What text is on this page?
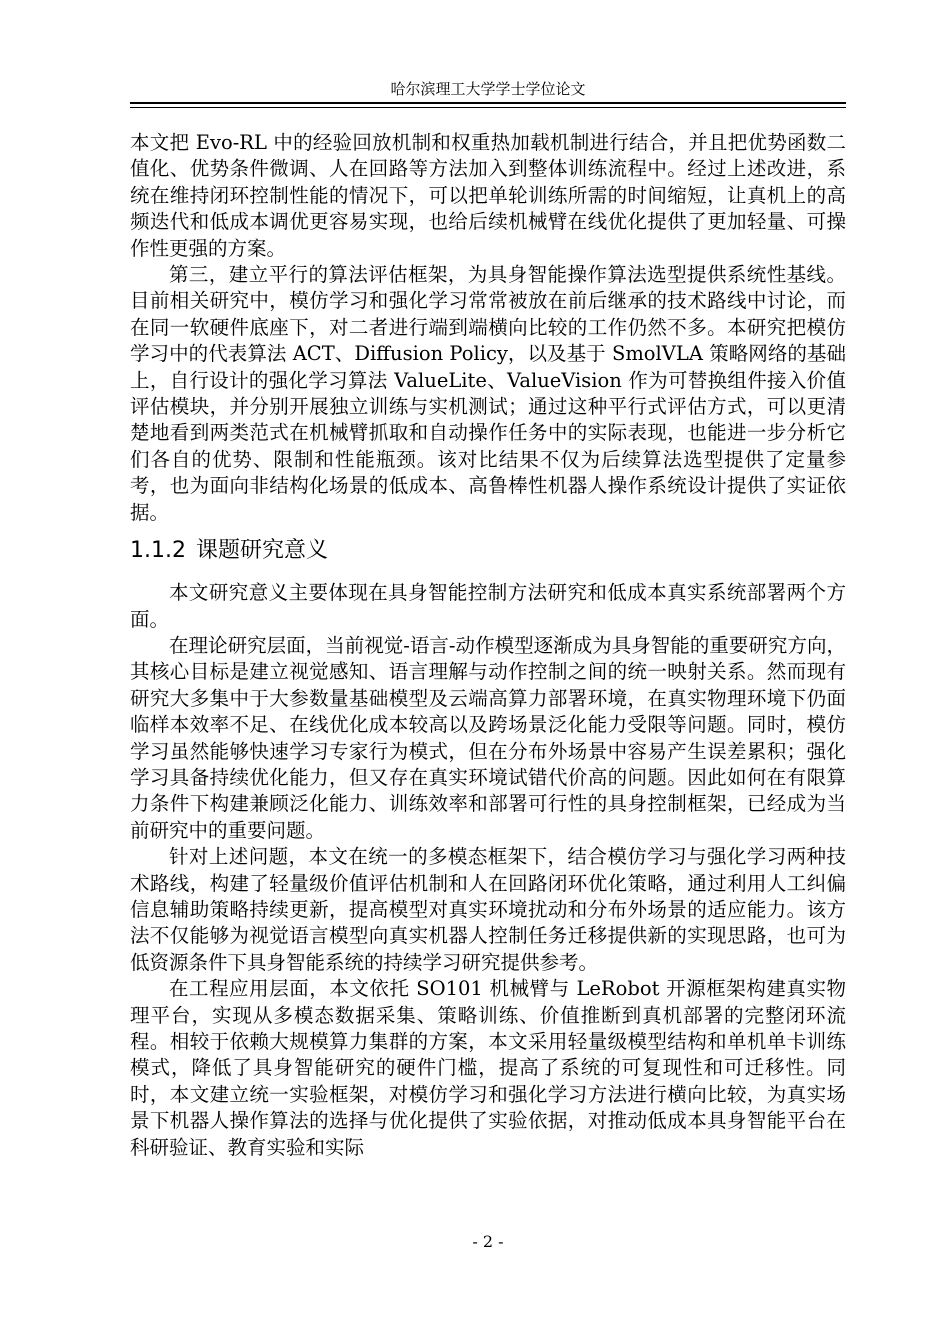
哈尔滨理工大学学士学位论文

本文把 Evo-RL 中的经验回放机制和权重热加载机制进行结合，并且把优势函数二值化、优势条件微调、人在回路等方法加入到整体训练流程中。经过上述改进，系统在维持闭环控制性能的情况下，可以把单轮训练所需的时间缩短，让真机上的高频迭代和低成本调优更容易实现，也给后续机械臂在线优化提供了更加轻量、可操作性更强的方案。

第三，建立平行的算法评估框架，为具身智能操作算法选型提供系统性基线。目前相关研究中，模仿学习和强化学习常常被放在前后继承的技术路线中讨论，而在同一软硬件底座下，对二者进行端到端横向比较的工作仍然不多。本研究把模仿学习中的代表算法 ACT、Diffusion Policy，以及基于 SmolVLA 策略网络的基础上，自行设计的强化学习算法 ValueLite、ValueVision 作为可替换组件接入价值评估模块，并分别开展独立训练与实机测试；通过这种平行式评估方式，可以更清楚地看到两类范式在机械臂抓取和自动操作任务中的实际表现，也能进一步分析它们各自的优势、限制和性能瓶颈。该对比结果不仅为后续算法选型提供了定量参考，也为面向非结构化场景的低成本、高鲁棒性机器人操作系统设计提供了实证依据。

1.1.2 课题研究意义

本文研究意义主要体现在具身智能控制方法研究和低成本真实系统部署两个方面。

在理论研究层面，当前视觉-语言-动作模型逐渐成为具身智能的重要研究方向，其核心目标是建立视觉感知、语言理解与动作控制之间的统一映射关系。然而现有研究大多集中于大参数量基础模型及云端高算力部署环境，在真实物理环境下仍面临样本效率不足、在线优化成本较高以及跨场景泛化能力受限等问题。同时，模仿学习虽然能够快速学习专家行为模式，但在分布外场景中容易产生误差累积；强化学习具备持续优化能力，但又存在真实环境试错代价高的问题。因此如何在有限算力条件下构建兼顾泛化能力、训练效率和部署可行性的具身控制框架，已经成为当前研究中的重要问题。

针对上述问题，本文在统一的多模态框架下，结合模仿学习与强化学习两种技术路线，构建了轻量级价值评估机制和人在回路闭环优化策略，通过利用人工纠偏信息辅助策略持续更新，提高模型对真实环境扰动和分布外场景的适应能力。该方法不仅能够为视觉语言模型向真实机器人控制任务迁移提供新的实现思路，也可为低资源条件下具身智能系统的持续学习研究提供参考。

在工程应用层面，本文依托 SO101 机械臂与 LeRobot 开源框架构建真实物理平台，实现从多模态数据采集、策略训练、价值推断到真机部署的完整闭环流程。相较于依赖大规模算力集群的方案，本文采用轻量级模型结构和单机单卡训练模式，降低了具身智能研究的硬件门槛，提高了系统的可复现性和可迁移性。同时，本文建立统一实验框架，对模仿学习和强化学习方法进行横向比较，为真实场景下机器人操作算法的选择与优化提供了实验依据，对推动低成本具身智能平台在科研验证、教育实验和实际

- 2 -
